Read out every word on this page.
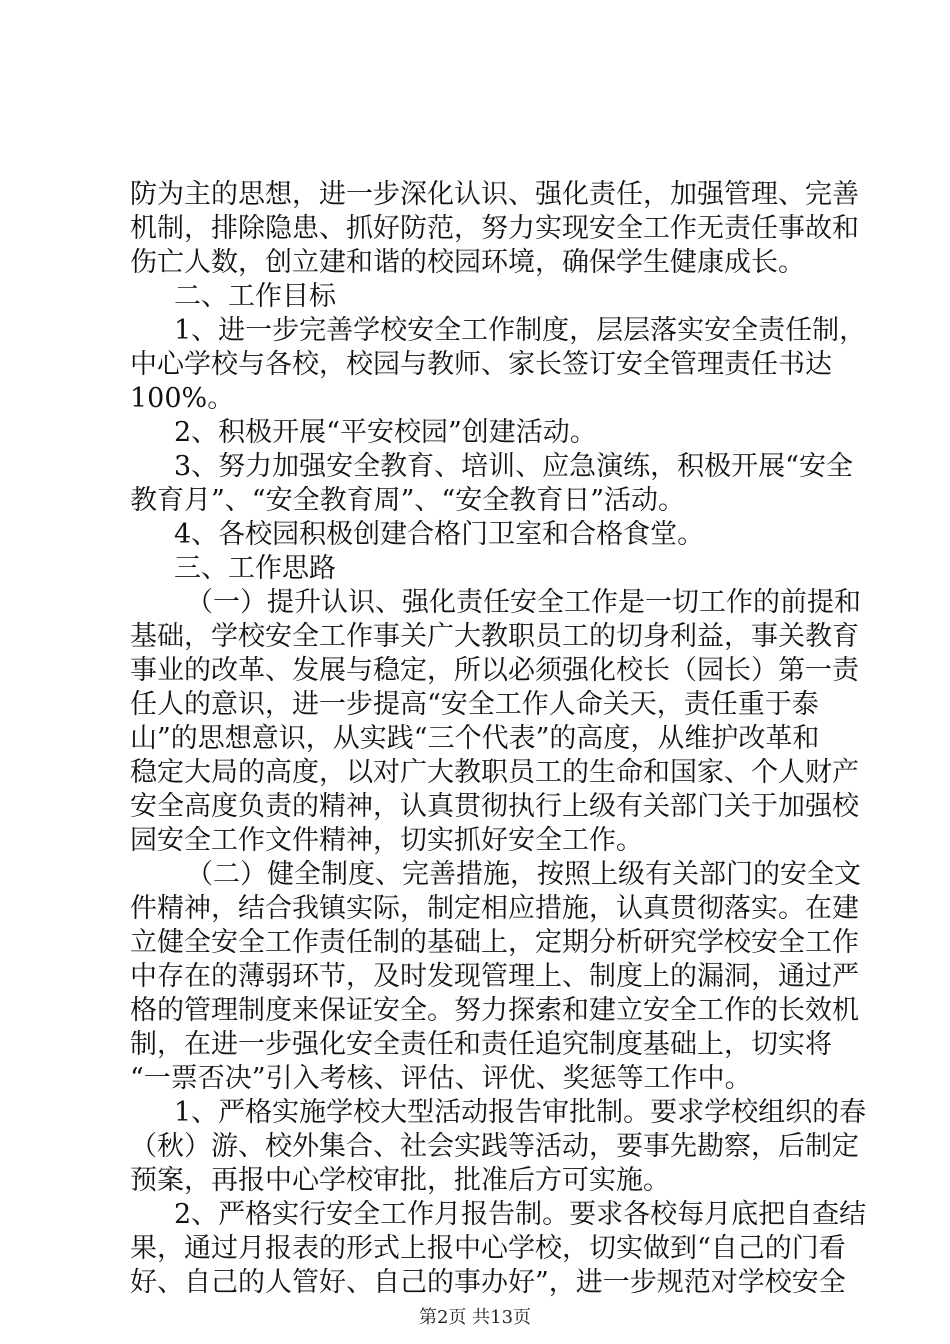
防为主的思想，进一步深化认识、强化责任，加强管理、完善
机制，排除隐患、抓好防范，努力实现安全工作无责任事故和
伤亡人数，创立建和谐的校园环境，确保学生健康成长。
二、工作目标
1、进一步完善学校安全工作制度，层层落实安全责任制，
中心学校与各校，校园与教师、家长签订安全管理责任书达
100%。
2、积极开展“平安校园”创建活动。
3、努力加强安全教育、培训、应急演练，积极开展“安全
教育月”、“安全教育周”、“安全教育日”活动。
4、各校园积极创建合格门卫室和合格食堂。
三、工作思路
（一）提升认识、强化责任安全工作是一切工作的前提和
基础，学校安全工作事关广大教职员工的切身利益，事关教育
事业的改革、发展与稳定，所以必须强化校长（园长）第一责
任人的意识，进一步提高“安全工作人命关天，责任重于泰
山”的思想意识，从实践“三个代表”的高度，从维护改革和
稳定大局的高度，以对广大教职员工的生命和国家、个人财产
安全高度负责的精神，认真贯彻执行上级有关部门关于加强校
园安全工作文件精神，切实抓好安全工作。
（二）健全制度、完善措施，按照上级有关部门的安全文
件精神，结合我镇实际，制定相应措施，认真贯彻落实。在建
立健全安全工作责任制的基础上，定期分析研究学校安全工作
中存在的薄弱环节，及时发现管理上、制度上的漏洞，通过严
格的管理制度来保证安全。努力探索和建立安全工作的长效机
制，在进一步强化安全责任和责任追究制度基础上，切实将
“一票否决”引入考核、评估、评优、奖惩等工作中。
1、严格实施学校大型活动报告审批制。要求学校组织的春
（秋）游、校外集合、社会实践等活动，要事先勘察，后制定
预案，再报中心学校审批，批准后方可实施。
2、严格实行安全工作月报告制。要求各校每月底把自查结
果，通过月报表的形式上报中心学校，切实做到“自己的门看
好、自己的人管好、自己的事办好”，进一步规范对学校安全
第2页 共13页
